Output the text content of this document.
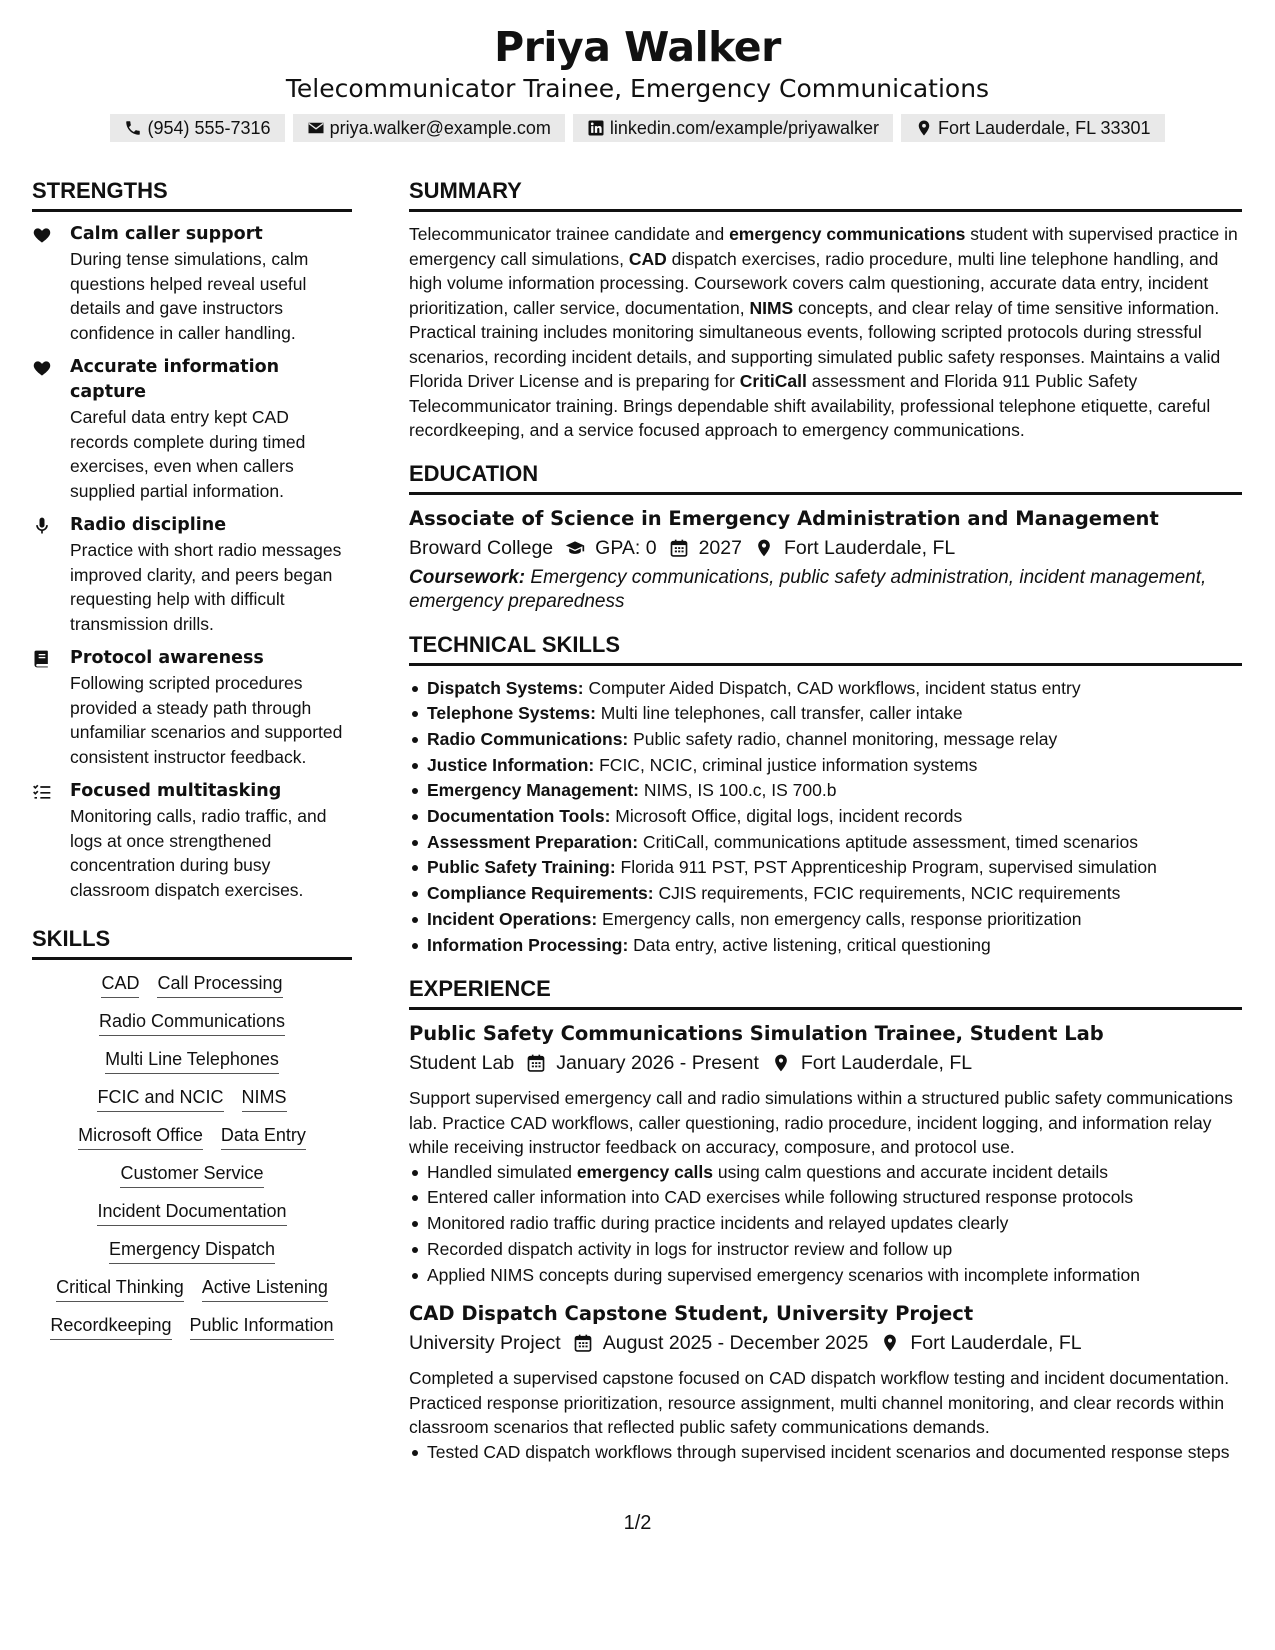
Priya Walker
Telecommunicator Trainee, Emergency Communications
(954) 555-7316	priya.walker@example.com	linkedin.com/example/priyawalker	Fort Lauderdale, FL 33301
STRENGTHS
Calm caller support
During tense simulations, calm questions helped reveal useful details and gave instructors confidence in caller handling.
Accurate information capture
Careful data entry kept CAD records complete during timed exercises, even when callers supplied partial information.
Radio discipline
Practice with short radio messages improved clarity, and peers began requesting help with difficult transmission drills.
Protocol awareness
Following scripted procedures provided a steady path through unfamiliar scenarios and supported consistent instructor feedback.
Focused multitasking
Monitoring calls, radio traffic, and logs at once strengthened concentration during busy classroom dispatch exercises.
SKILLS
CAD Call Processing
Radio Communications
Multi Line Telephones
FCIC and NCIC NIMS
Microsoft Office Data Entry
Customer Service
Incident Documentation
Emergency Dispatch
Critical Thinking Active Listening
Recordkeeping Public Information
SUMMARY
Telecommunicator trainee candidate and emergency communications student with supervised practice in emergency call simulations, CAD dispatch exercises, radio procedure, multi line telephone handling, and high volume information processing. Coursework covers calm questioning, accurate data entry, incident prioritization, caller service, documentation, NIMS concepts, and clear relay of time sensitive information. Practical training includes monitoring simultaneous events, following scripted protocols during stressful scenarios, recording incident details, and supporting simulated public safety responses. Maintains a valid Florida Driver License and is preparing for CritiCall assessment and Florida 911 Public Safety Telecommunicator training. Brings dependable shift availability, professional telephone etiquette, careful recordkeeping, and a service focused approach to emergency communications.
EDUCATION
Associate of Science in Emergency Administration and Management
Broward College GPA: 0 2027 Fort Lauderdale, FL
Coursework: Emergency communications, public safety administration, incident management, emergency preparedness
TECHNICAL SKILLS
Dispatch Systems: Computer Aided Dispatch, CAD workflows, incident status entry
Telephone Systems: Multi line telephones, call transfer, caller intake
Radio Communications: Public safety radio, channel monitoring, message relay
Justice Information: FCIC, NCIC, criminal justice information systems
Emergency Management: NIMS, IS 100.c, IS 700.b
Documentation Tools: Microsoft Office, digital logs, incident records
Assessment Preparation: CritiCall, communications aptitude assessment, timed scenarios
Public Safety Training: Florida 911 PST, PST Apprenticeship Program, supervised simulation
Compliance Requirements: CJIS requirements, FCIC requirements, NCIC requirements
Incident Operations: Emergency calls, non emergency calls, response prioritization
Information Processing: Data entry, active listening, critical questioning
EXPERIENCE
Public Safety Communications Simulation Trainee, Student Lab
Student Lab January 2026 - Present Fort Lauderdale, FL
Support supervised emergency call and radio simulations within a structured public safety communications lab. Practice CAD workflows, caller questioning, radio procedure, incident logging, and information relay while receiving instructor feedback on accuracy, composure, and protocol use.
Handled simulated emergency calls using calm questions and accurate incident details
Entered caller information into CAD exercises while following structured response protocols
Monitored radio traffic during practice incidents and relayed updates clearly
Recorded dispatch activity in logs for instructor review and follow up
Applied NIMS concepts during supervised emergency scenarios with incomplete information
CAD Dispatch Capstone Student, University Project
University Project August 2025 - December 2025 Fort Lauderdale, FL
Completed a supervised capstone focused on CAD dispatch workflow testing and incident documentation. Practiced response prioritization, resource assignment, multi channel monitoring, and clear records within classroom scenarios that reflected public safety communications demands.
Tested CAD dispatch workflows through supervised incident scenarios and documented response steps
1/2
